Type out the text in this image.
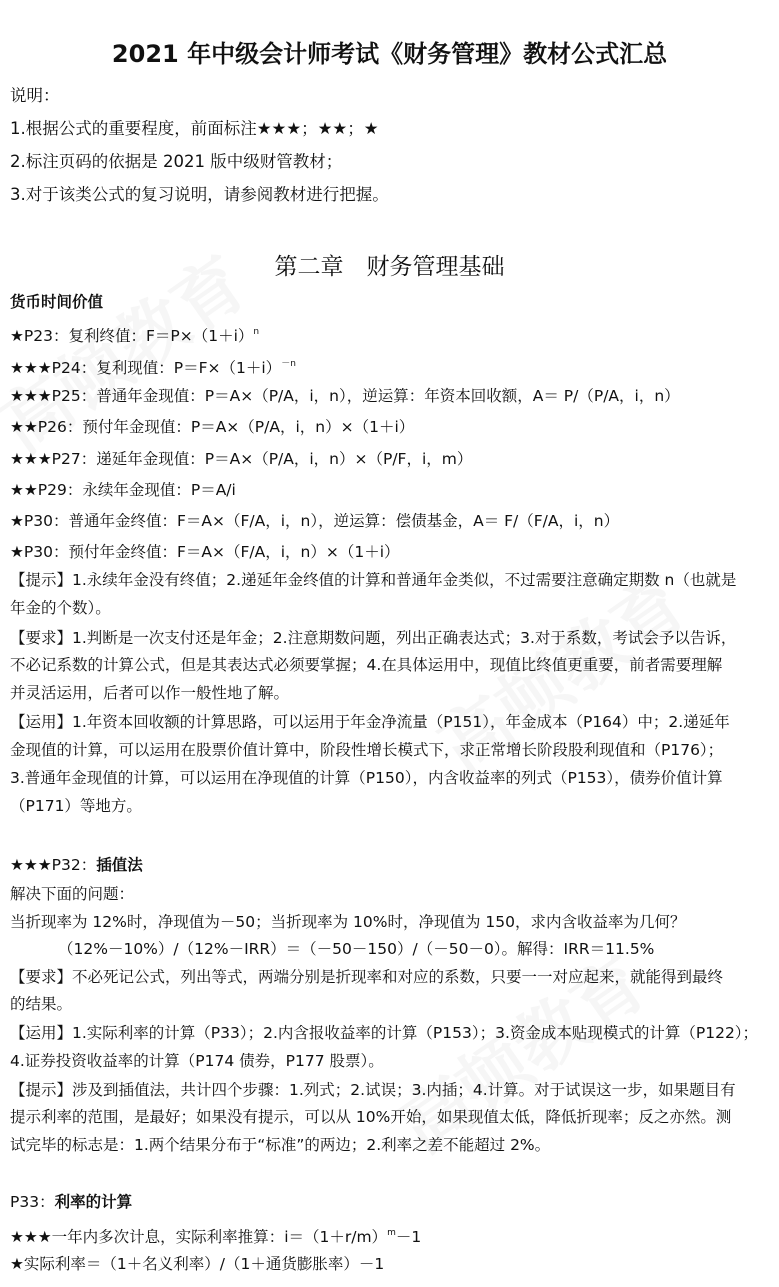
2021 年中级会计师考试《财务管理》教材公式汇总
说明：
1.根据公式的重要程度，前面标注★★★；★★；★
2.标注页码的依据是 2021 版中级财管教材；
3.对于该类公式的复习说明，请参阅教材进行把握。
第二章　财务管理基础
货币时间价值
★P23：复利终值：$F=P\times(1+i)^n$
★★★P24：复利现值：$P=F\times(1+i)^{-n}$
★★★P25：普通年金现值：P＝A×（P/A，i，n），逆运算：年资本回收额，A＝ P/（P/A，i，n）
★★P26：预付年金现值：P＝A×（P/A，i，n）×（1＋i）
★★★P27：递延年金现值：P＝A×（P/A，i，n）×（P/F，i，m）
★★P29：永续年金现值：P＝A/i
★P30：普通年金终值：F＝A×（F/A，i，n），逆运算：偿债基金，A＝ F/（F/A，i，n）
★P30：预付年金终值：F＝A×（F/A，i，n）×（1＋i）
【提示】1.永续年金没有终值；2.递延年金终值的计算和普通年金类似，不过需要注意确定期数 n（也就是
年金的个数）。
【要求】1.判断是一次支付还是年金；2.注意期数问题，列出正确表达式；3.对于系数，考试会予以告诉，
不必记系数的计算公式，但是其表达式必须要掌握；4.在具体运用中，现值比终值更重要，前者需要理解
并灵活运用，后者可以作一般性地了解。
【运用】1.年资本回收额的计算思路，可以运用于年金净流量（P151），年金成本（P164）中；2.递延年
金现值的计算，可以运用在股票价值计算中，阶段性增长模式下，求正常增长阶段股利现值和（P176）；
3.普通年金现值的计算，可以运用在净现值的计算（P150），内含收益率的列式（P153），债券价值计算
（P171）等地方。
★★★P32：插值法
解决下面的问题：
当折现率为 12%时，净现值为－50；当折现率为 10%时，净现值为 150，求内含收益率为几何？
（12%－10%）/（12%－IRR）＝（－50－150）/（－50－0）。解得：IRR＝11.5%
【要求】不必死记公式，列出等式，两端分别是折现率和对应的系数，只要一一对应起来，就能得到最终
的结果。
【运用】1.实际利率的计算（P33）；2.内含报收益率的计算（P153）；3.资金成本贴现模式的计算（P122）；
4.证券投资收益率的计算（P174 债券，P177 股票）。
【提示】涉及到插值法，共计四个步骤：1.列式；2.试误；3.内插；4.计算。对于试误这一步，如果题目有
提示利率的范围，是最好；如果没有提示，可以从 10%开始，如果现值太低，降低折现率；反之亦然。测
试完毕的标志是：1.两个结果分布于“标准”的两边；2.利率之差不能超过 2%。
P33：利率的计算
★★★一年内多次计息，实际利率推算：$i=(1+r/m)^m-1$
★实际利率＝（1＋名义利率）/（1＋通货膨胀率）－1
